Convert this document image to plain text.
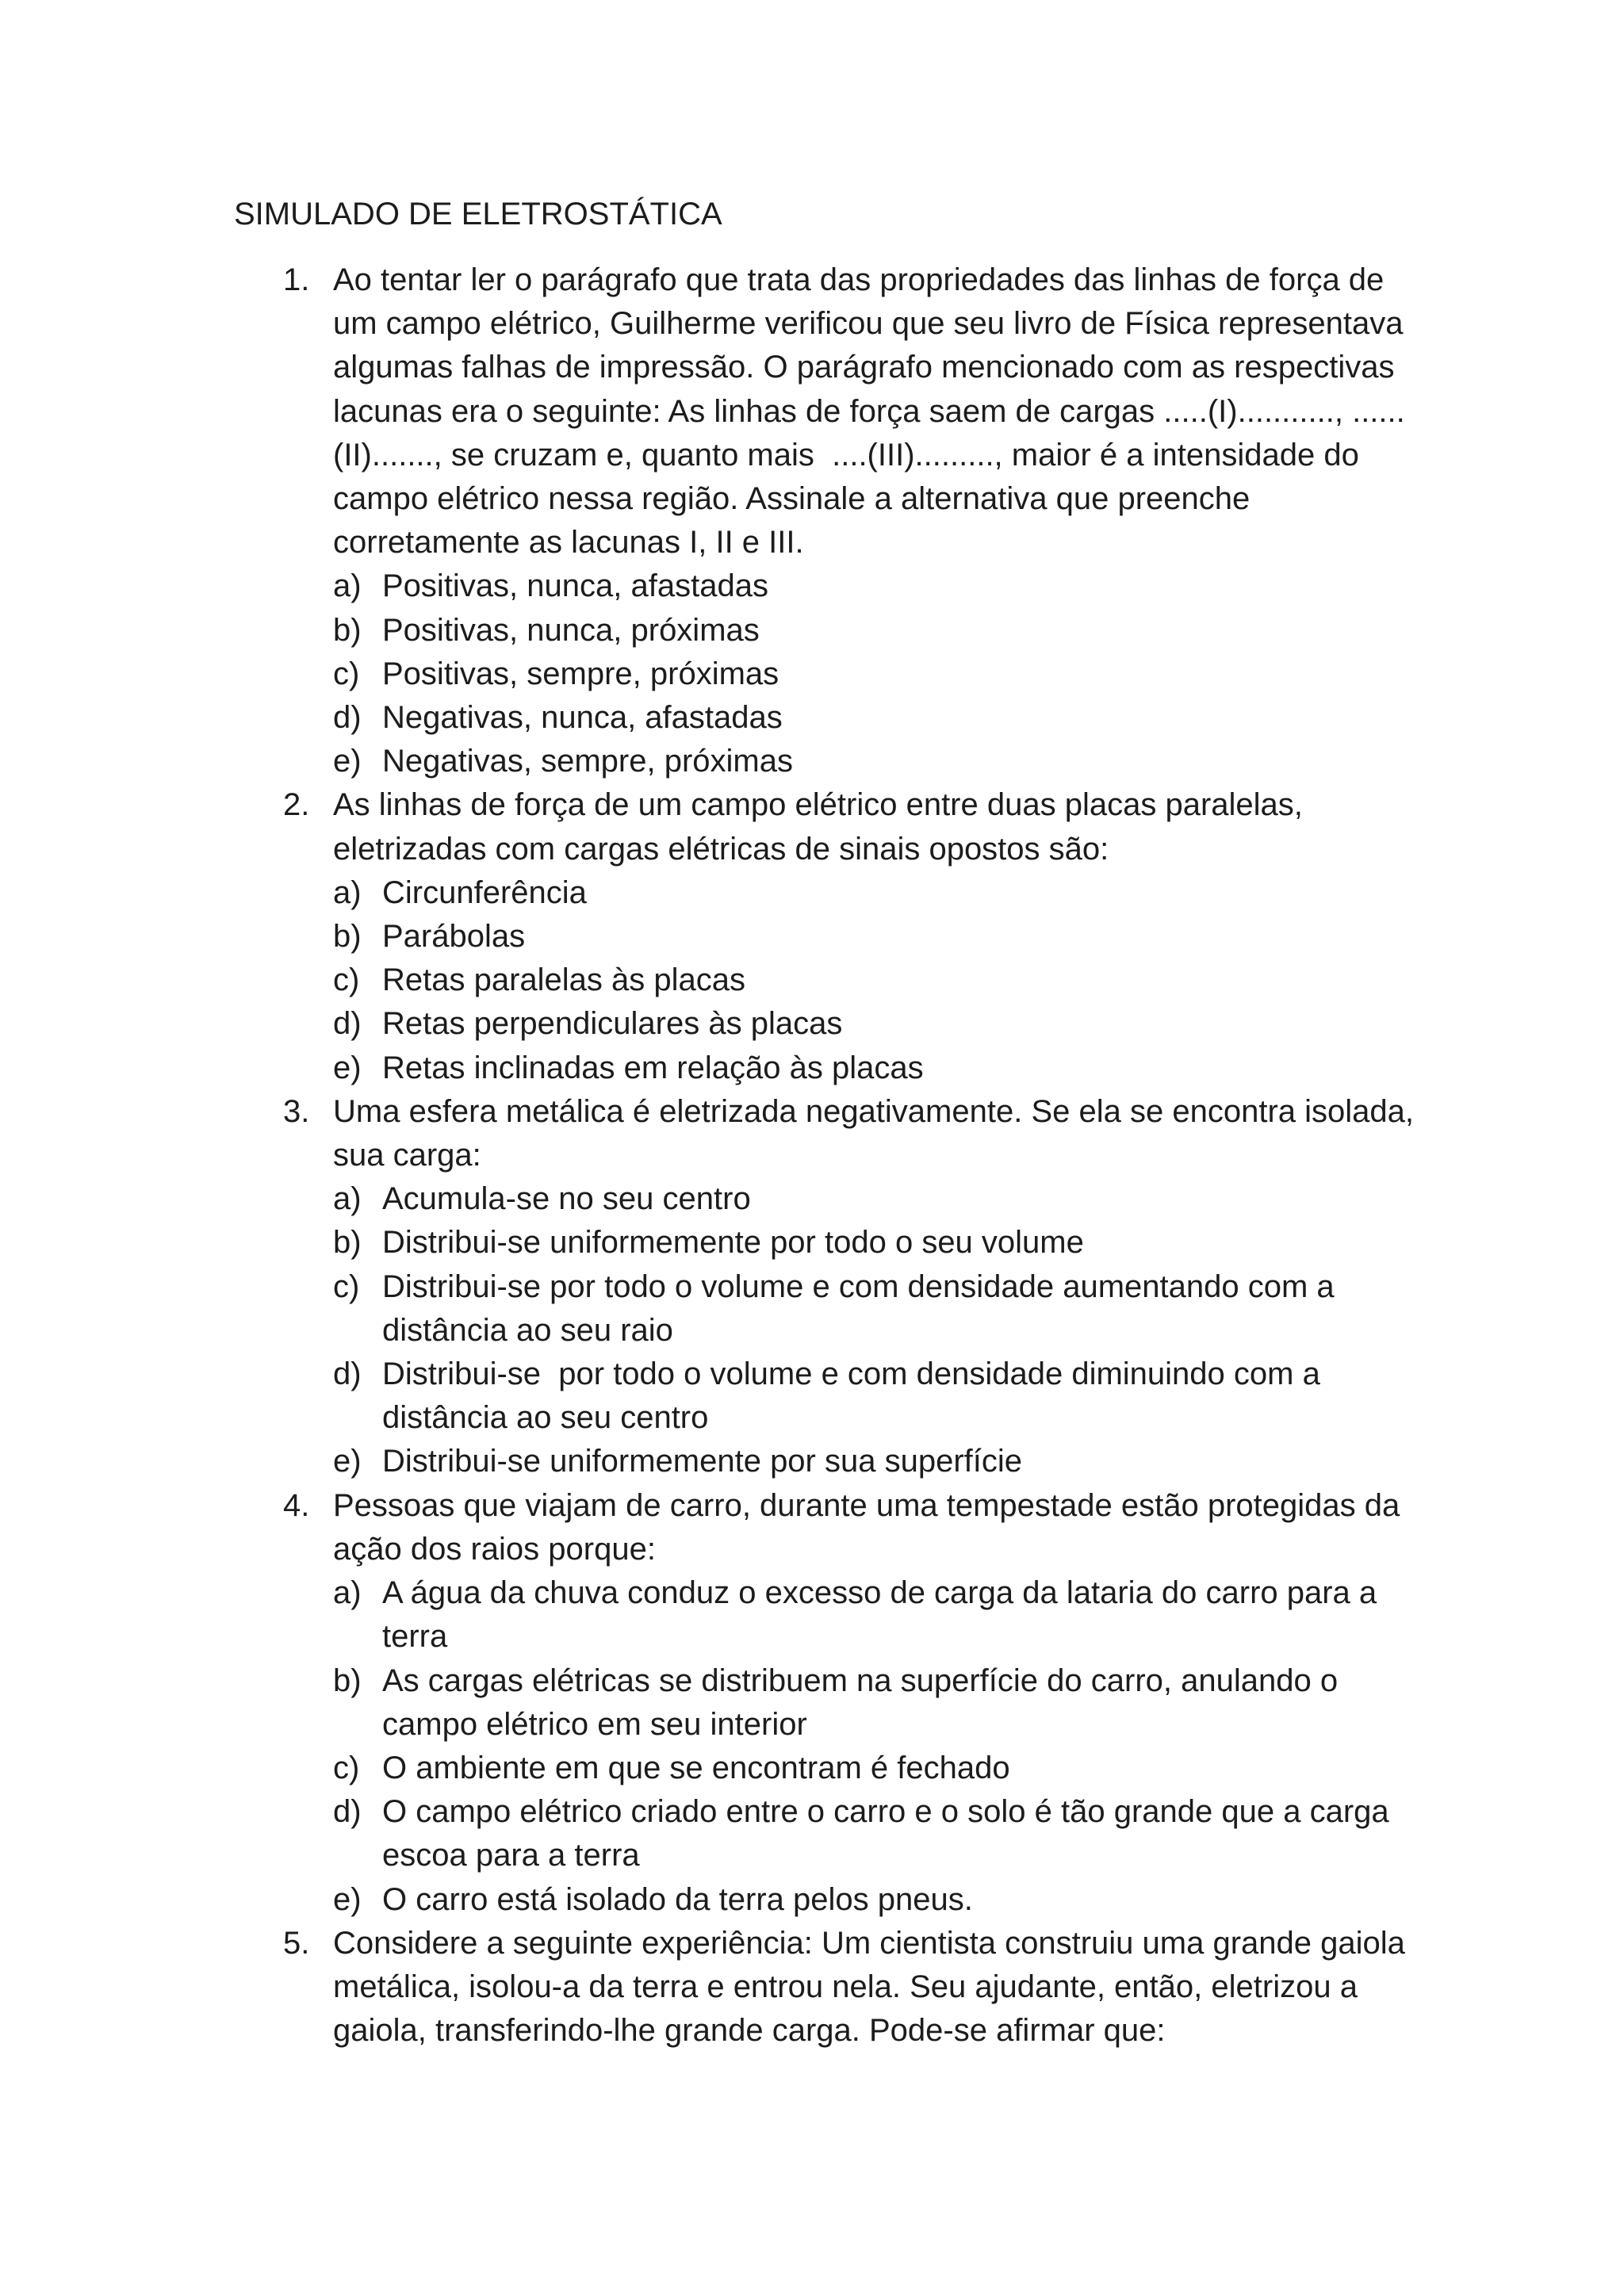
SIMULADO DE ELETROSTÁTICA
1. Ao tentar ler o parágrafo que trata das propriedades das linhas de força de um campo elétrico, Guilherme verificou que seu livro de Física representava algumas falhas de impressão. O parágrafo mencionado com as respectivas lacunas era o seguinte: As linhas de força saem de cargas .....(I)..........., ......(II)......., se cruzam e, quanto mais  ....(III)........., maior é a intensidade do campo elétrico nessa região. Assinale a alternativa que preenche corretamente as lacunas I, II e III.
a) Positivas, nunca, afastadas
b) Positivas, nunca, próximas
c) Positivas, sempre, próximas
d) Negativas, nunca, afastadas
e) Negativas, sempre, próximas
2. As linhas de força de um campo elétrico entre duas placas paralelas, eletrizadas com cargas elétricas de sinais opostos são:
a) Circunferência
b) Parábolas
c) Retas paralelas às placas
d) Retas perpendiculares às placas
e) Retas inclinadas em relação às placas
3. Uma esfera metálica é eletrizada negativamente. Se ela se encontra isolada, sua carga:
a) Acumula-se no seu centro
b) Distribui-se uniformemente por todo o seu volume
c) Distribui-se por todo o volume e com densidade aumentando com a distância ao seu raio
d) Distribui-se  por todo o volume e com densidade diminuindo com a distância ao seu centro
e) Distribui-se uniformemente por sua superfície
4. Pessoas que viajam de carro, durante uma tempestade estão protegidas da ação dos raios porque:
a) A água da chuva conduz o excesso de carga da lataria do carro para a terra
b) As cargas elétricas se distribuem na superfície do carro, anulando o campo elétrico em seu interior
c) O ambiente em que se encontram é fechado
d) O campo elétrico criado entre o carro e o solo é tão grande que a carga escoa para a terra
e) O carro está isolado da terra pelos pneus.
5. Considere a seguinte experiência: Um cientista construiu uma grande gaiola metálica, isolou-a da terra e entrou nela. Seu ajudante, então, eletrizou a gaiola, transferindo-lhe grande carga. Pode-se afirmar que:
